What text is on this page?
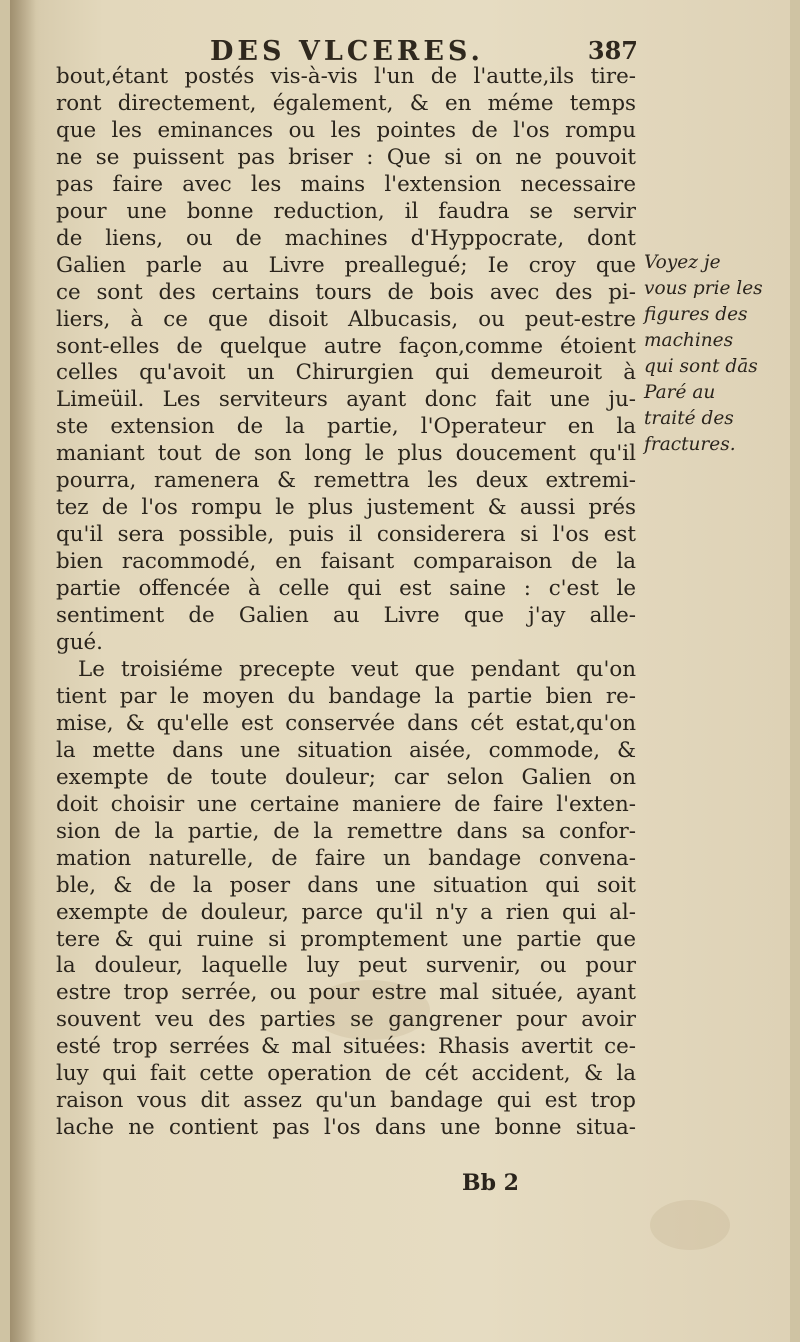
DES VLCERES.	387
bout,étant postés vis-à-vis l'un de l'autte,ils tire-
ront directement, également, & en méme temps
que les eminances ou les pointes de l'os rompu
ne se puissent pas briser : Que si on ne pouvoit
pas faire avec les mains l'extension necessaire
pour une bonne reduction, il faudra se servir
de liens, ou de machines d'Hyppocrate, dont
Galien parle au Livre preallegué; Ie croy que
ce sont des certains tours de bois avec des pi-
liers, à ce que disoit Albucasis, ou peut-estre
sont-elles de quelque autre façon,comme étoient
celles qu'avoit un Chirurgien qui demeuroit à
Limeüil. Les serviteurs ayant donc fait une ju-
ste extension de la partie, l'Operateur en la
maniant tout de son long le plus doucement qu'il
pourra, ramenera & remettra les deux extremi-
tez de l'os rompu le plus justement & aussi prés
qu'il sera possible, puis il considerera si l'os est
bien racommodé, en faisant comparaison de la
partie offencée à celle qui est saine : c'est le
sentiment de Galien au Livre que j'ay alle-
gué.
Le troisiéme precepte veut que pendant qu'on
tient par le moyen du bandage la partie bien re-
mise, & qu'elle est conservée dans cét estat,qu'on
la mette dans une situation aisée, commode, &
exempte de toute douleur; car selon Galien on
doit choisir une certaine maniere de faire l'exten-
sion de la partie, de la remettre dans sa confor-
mation naturelle, de faire un bandage convena-
ble, & de la poser dans une situation qui soit
exempte de douleur, parce qu'il n'y a rien qui al-
tere & qui ruine si promptement une partie que
la douleur, laquelle luy peut survenir, ou pour
estre trop serrée, ou pour estre mal située, ayant
souvent veu des parties se gangrener pour avoir
esté trop serrées & mal situées: Rhasis avertit ce-
luy qui fait cette operation de cét accident, & la
raison vous dit assez qu'un bandage qui est trop
lache ne contient pas l'os dans une bonne situa-
Voyez je
vous prie les
figures des
machines
qui sont dās
Paré au
traité des
fractures.
Bb 2
